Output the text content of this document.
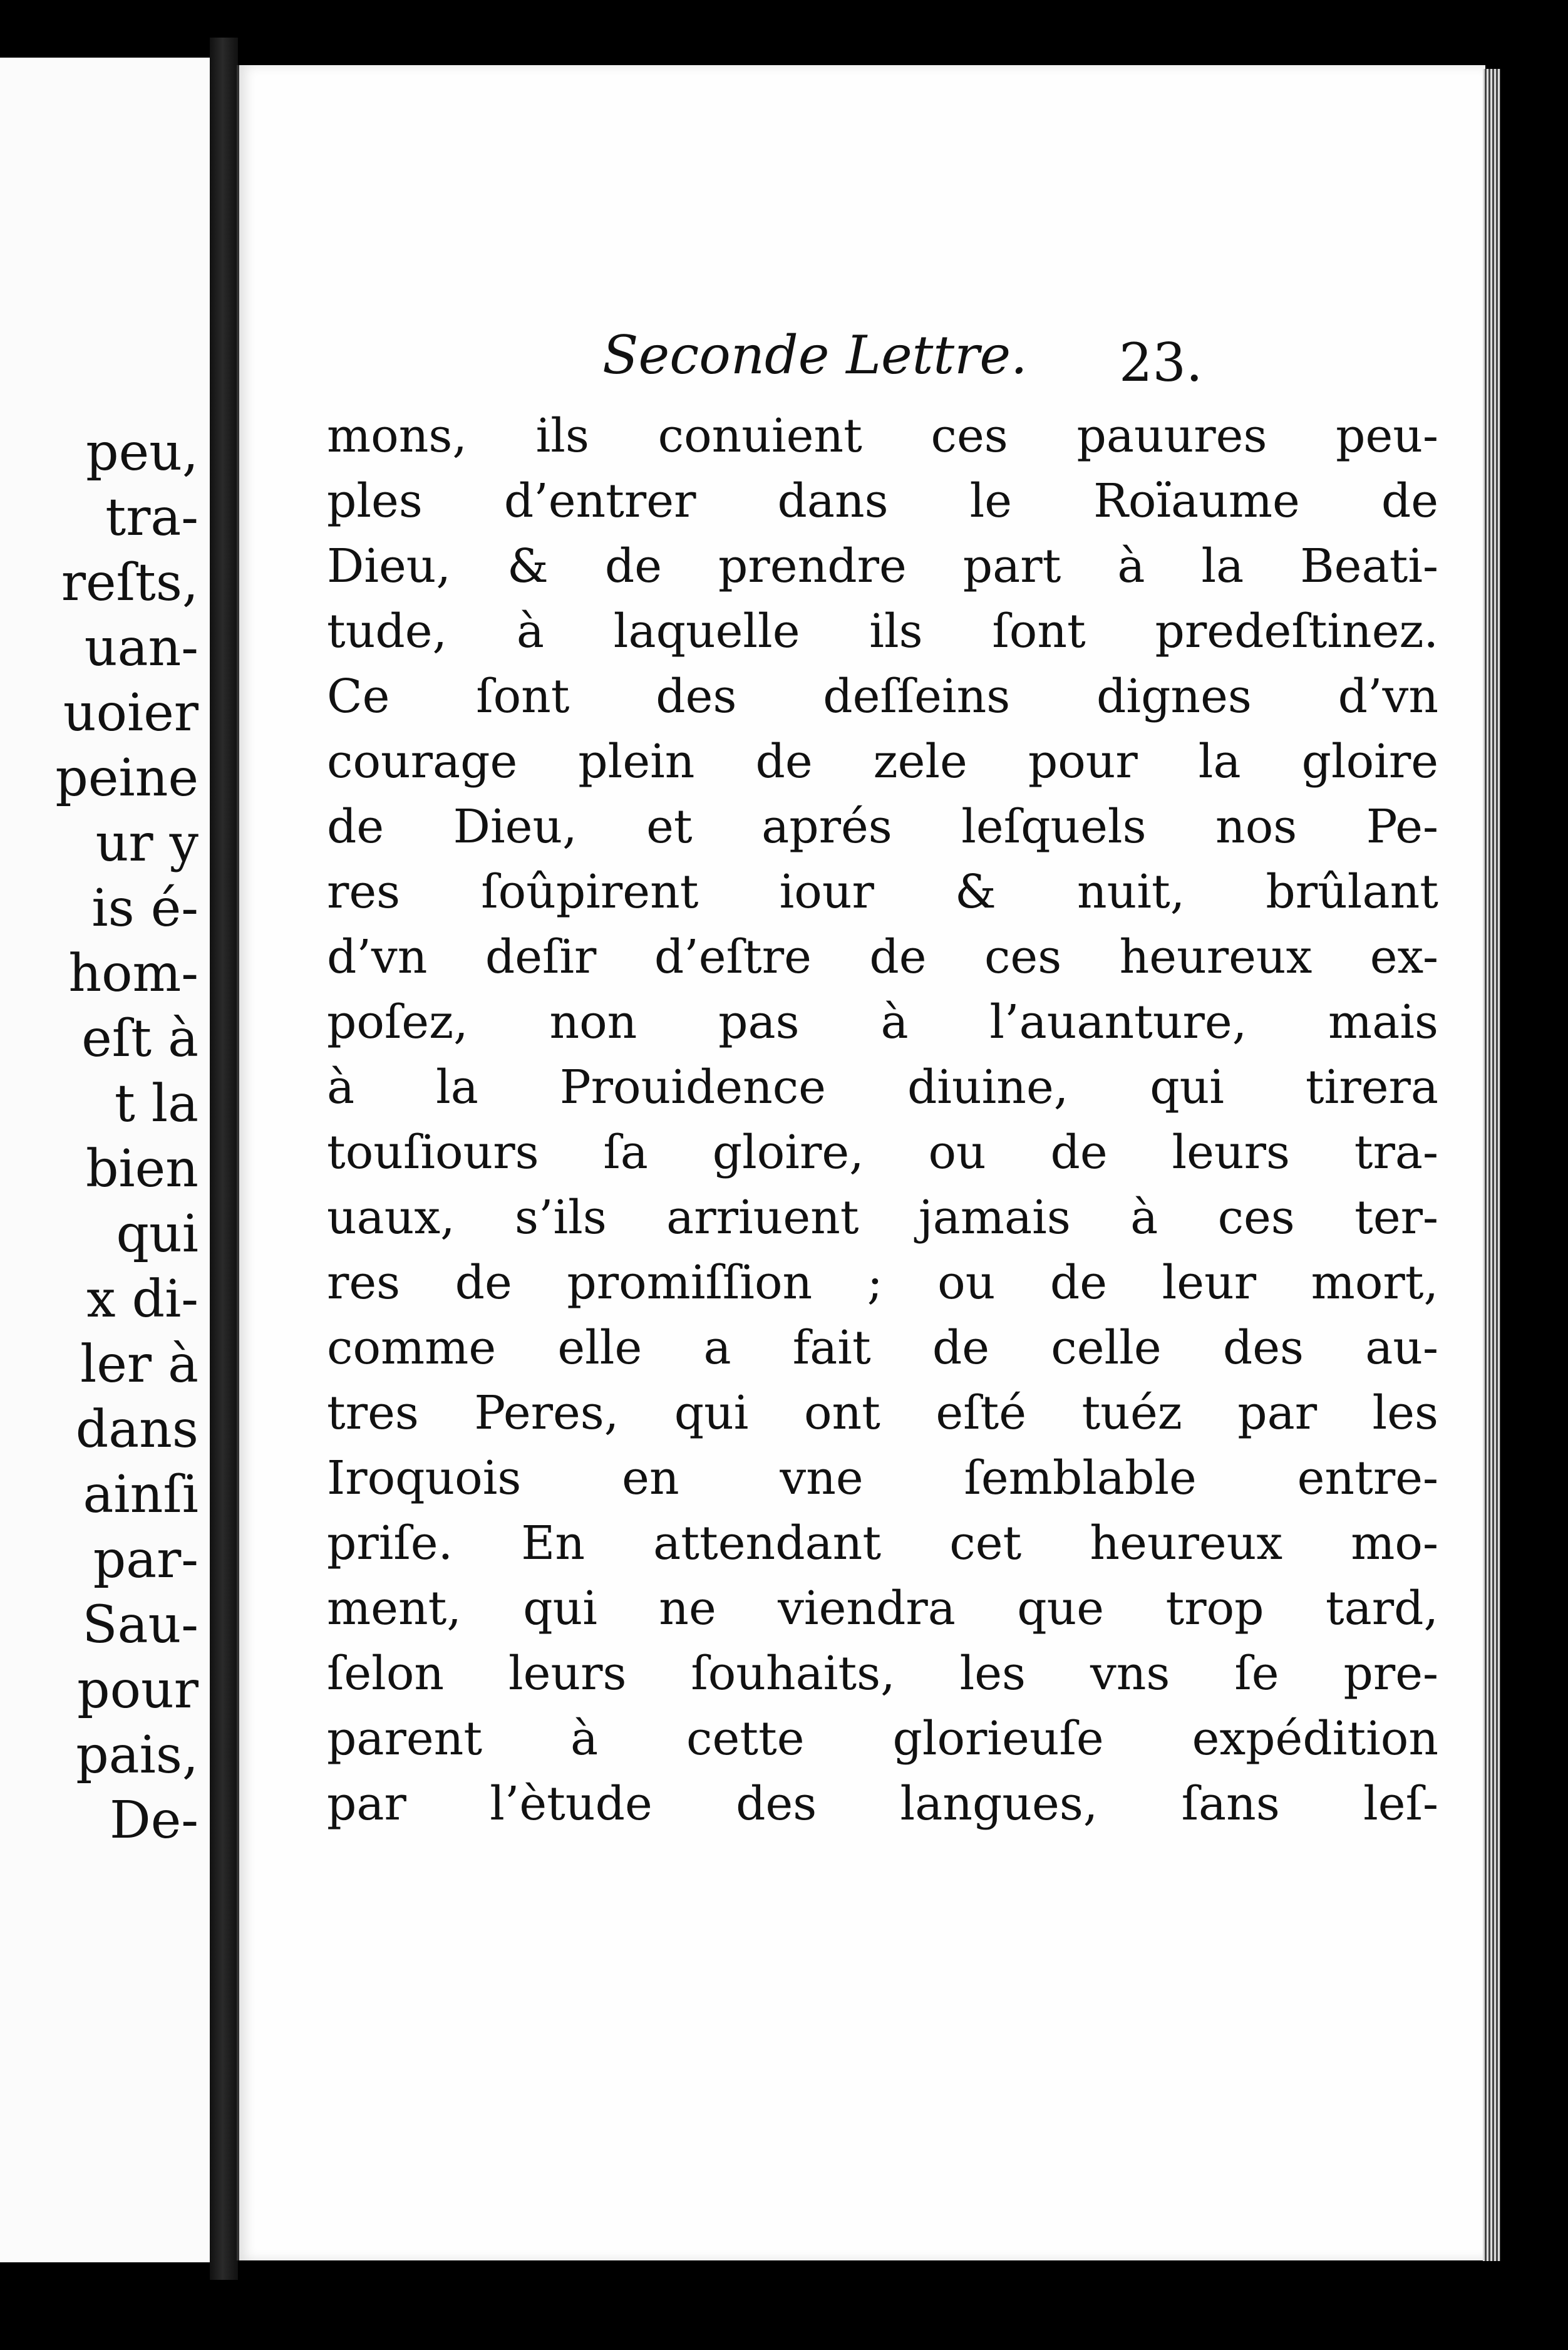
peu,
tra-
reſts,
uan-
uoier
peine
ur y
is é-
hom-
eſt à
t la
bien
qui
x di-
ler à
dans
ainſi
par-
Sau-
pour
pais,
De-
Seconde Lettre. 23.
mons, ils conuient ces pauures peu-
ples d’entrer dans le Roïaume de
Dieu, & de prendre part à la Beati-
tude, à laquelle ils ſont predeſtinez.
Ce ſont des deſſeins dignes d’vn
courage plein de zele pour la gloire
de Dieu, et aprés leſquels nos Pe-
res ſoûpirent iour & nuit, brûlant
d’vn deſir d’eſtre de ces heureux ex-
poſez, non pas à l’auanture, mais
à la Prouidence diuine, qui tirera
touſiours ſa gloire, ou de leurs tra-
uaux, s’ils arriuent jamais à ces ter-
res de promiſſion ; ou de leur mort,
comme elle a fait de celle des au-
tres Peres, qui ont eſté tuéz par les
Iroquois en vne ſemblable entre-
priſe. En attendant cet heureux mo-
ment, qui ne viendra que trop tard,
ſelon leurs ſouhaits, les vns ſe pre-
parent à cette glorieuſe expédition
par l’ètude des langues, ſans leſ-
